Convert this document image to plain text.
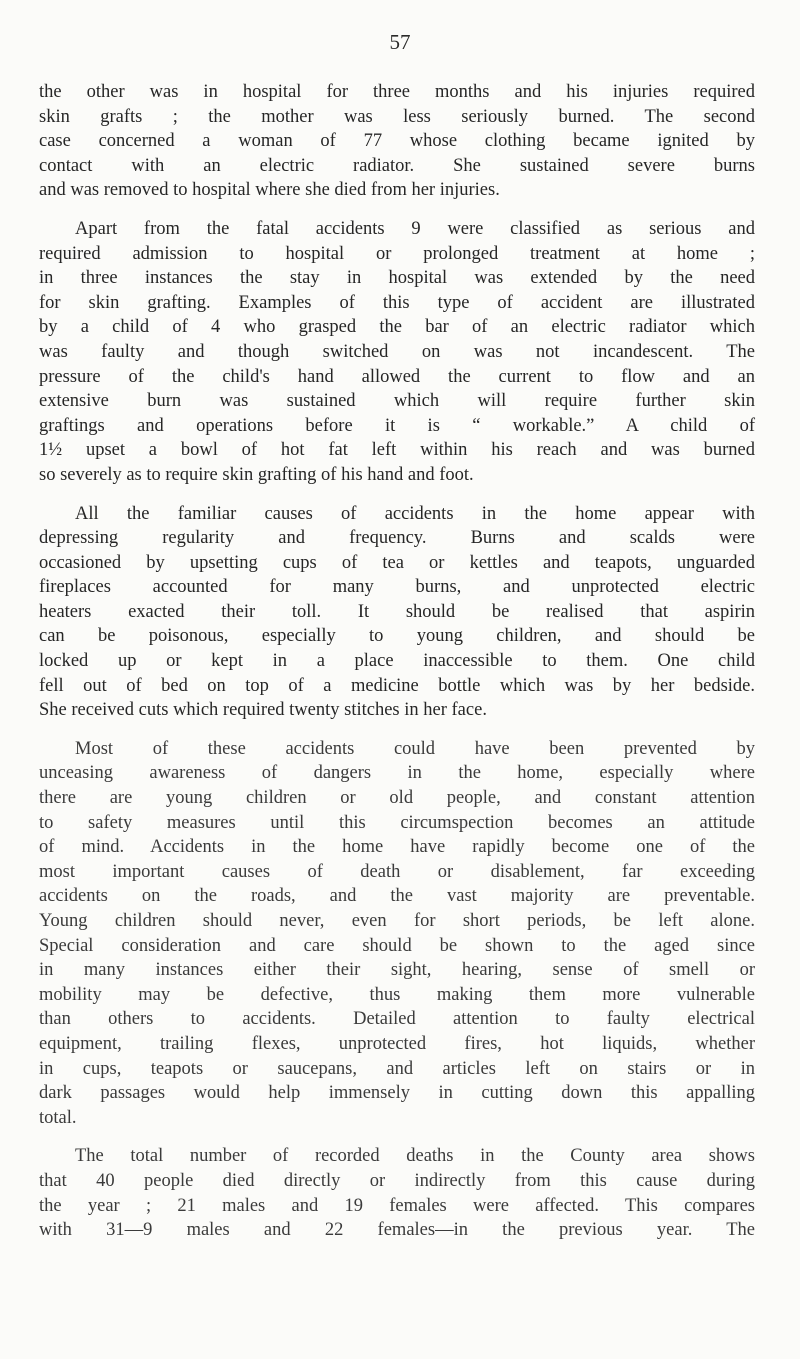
57

the other was in hospital for three months and his injuries required
skin grafts ; the mother was less seriously burned. The second
case concerned a woman of 77 whose clothing became ignited by
contact with an electric radiator. She sustained severe burns
and was removed to hospital where she died from her injuries.

Apart from the fatal accidents 9 were classified as serious and
required admission to hospital or prolonged treatment at home ;
in three instances the stay in hospital was extended by the need
for skin grafting. Examples of this type of accident are illustrated
by a child of 4 who grasped the bar of an electric radiator which
was faulty and though switched on was not incandescent. The
pressure of the child's hand allowed the current to flow and an
extensive burn was sustained which will require further skin
graftings and operations before it is “ workable.” A child of
1½ upset a bowl of hot fat left within his reach and was burned
so severely as to require skin grafting of his hand and foot.

All the familiar causes of accidents in the home appear with
depressing regularity and frequency. Burns and scalds were
occasioned by upsetting cups of tea or kettles and teapots, unguarded
fireplaces accounted for many burns, and unprotected electric
heaters exacted their toll. It should be realised that aspirin
can be poisonous, especially to young children, and should be
locked up or kept in a place inaccessible to them. One child
fell out of bed on top of a medicine bottle which was by her bedside.
She received cuts which required twenty stitches in her face.

Most of these accidents could have been prevented by
unceasing awareness of dangers in the home, especially where
there are young children or old people, and constant attention
to safety measures until this circumspection becomes an attitude
of mind. Accidents in the home have rapidly become one of the
most important causes of death or disablement, far exceeding
accidents on the roads, and the vast majority are preventable.
Young children should never, even for short periods, be left alone.
Special consideration and care should be shown to the aged since
in many instances either their sight, hearing, sense of smell or
mobility may be defective, thus making them more vulnerable
than others to accidents. Detailed attention to faulty electrical
equipment, trailing flexes, unprotected fires, hot liquids, whether
in cups, teapots or saucepans, and articles left on stairs or in
dark passages would help immensely in cutting down this appalling
total.

The total number of recorded deaths in the County area shows
that 40 people died directly or indirectly from this cause during
the year ; 21 males and 19 females were affected. This compares
with 31—9 males and 22 females—in the previous year. The
